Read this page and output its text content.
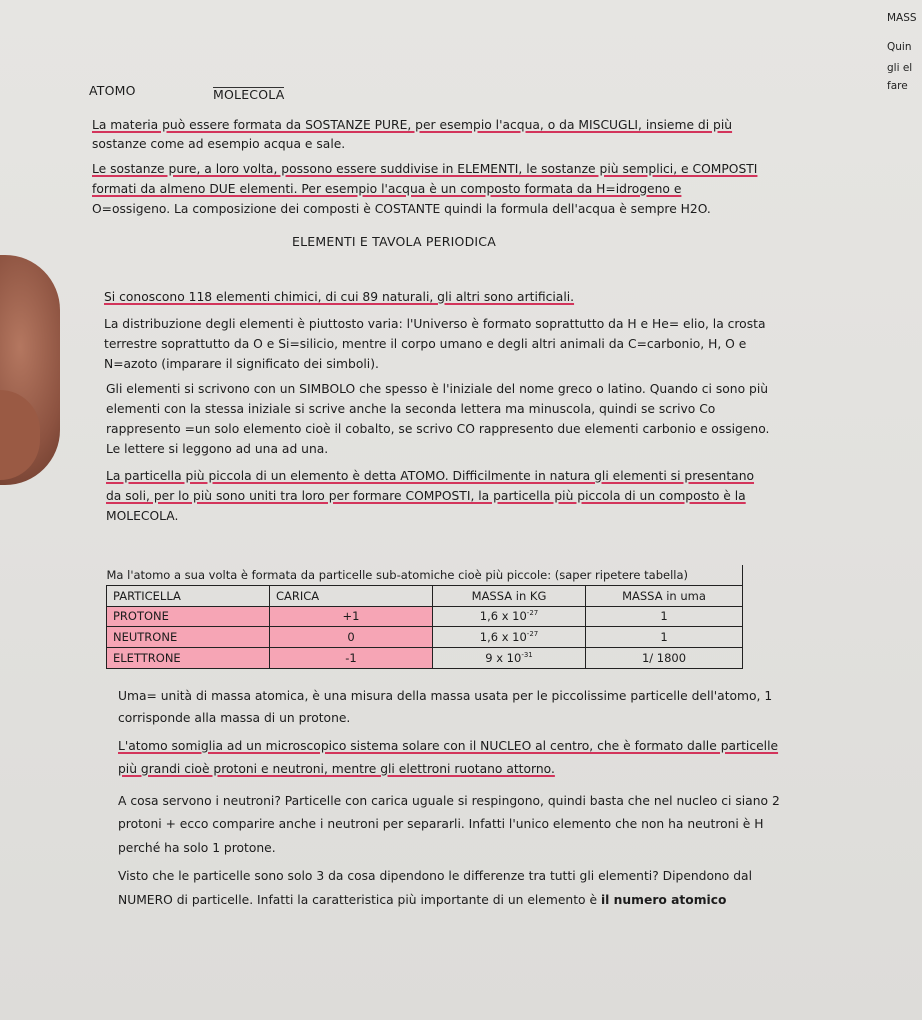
MASS
Quin
gli el
fare
ATOMO	MOLECOLA
La materia può essere formata da SOSTANZE PURE, per esempio l'acqua, o da MISCUGLI, insieme di più
sostanze come ad esempio acqua e sale.
Le sostanze pure, a loro volta, possono essere suddivise in ELEMENTI, le sostanze più semplici, e COMPOSTI
formati da almeno DUE elementi. Per esempio l'acqua è un composto formata da H=idrogeno e
O=ossigeno. La composizione dei composti è COSTANTE quindi la formula dell'acqua è sempre H2O.
ELEMENTI E TAVOLA PERIODICA
Si conoscono 118 elementi chimici, di cui 89 naturali, gli altri sono artificiali.
La distribuzione degli elementi è piuttosto varia: l'Universo è formato soprattutto da H e He= elio, la crosta
terrestre soprattutto da O e Si=silicio, mentre il corpo umano e degli altri animali da C=carbonio, H, O e
N=azoto (imparare il significato dei simboli).
Gli elementi si scrivono con un SIMBOLO che spesso è l'iniziale del nome greco o latino. Quando ci sono più
elementi con la stessa iniziale si scrive anche la seconda lettera ma minuscola, quindi se scrivo Co
rappresento =un solo elemento cioè il cobalto, se scrivo CO rappresento due elementi carbonio e ossigeno.
Le lettere si leggono ad una ad una.
La particella più piccola di un elemento è detta ATOMO. Difficilmente in natura gli elementi si presentano
da soli, per lo più sono uniti tra loro per formare COMPOSTI, la particella più piccola di un composto è la
MOLECOLA.
Ma l'atomo a sua volta è formata da particelle sub-atomiche cioè più piccole: (saper ripetere tabella)			
PARTICELLA	CARICA	MASSA in KG	MASSA in uma
PROTONE	+1	1,6 x $10^{-27}$	1
NEUTRONE	0	1,6 x $10^{-27}$	1
ELETTRONE	-1	9 x $10^{-31}$	1/ 1800
Uma= unità di massa atomica, è una misura della massa usata per le piccolissime particelle dell'atomo, 1
corrisponde alla massa di un protone.
L'atomo somiglia ad un microscopico sistema solare con il NUCLEO al centro, che è formato dalle particelle
più grandi cioè protoni e neutroni, mentre gli elettroni ruotano attorno.
A cosa servono i neutroni? Particelle con carica uguale si respingono, quindi basta che nel nucleo ci siano 2
protoni + ecco comparire anche i neutroni per separarli. Infatti l'unico elemento che non ha neutroni è H
perché ha solo 1 protone.
Visto che le particelle sono solo 3 da cosa dipendono le differenze tra tutti gli elementi? Dipendono dal
NUMERO di particelle. Infatti la caratteristica più importante di un elemento è il numero atomico
